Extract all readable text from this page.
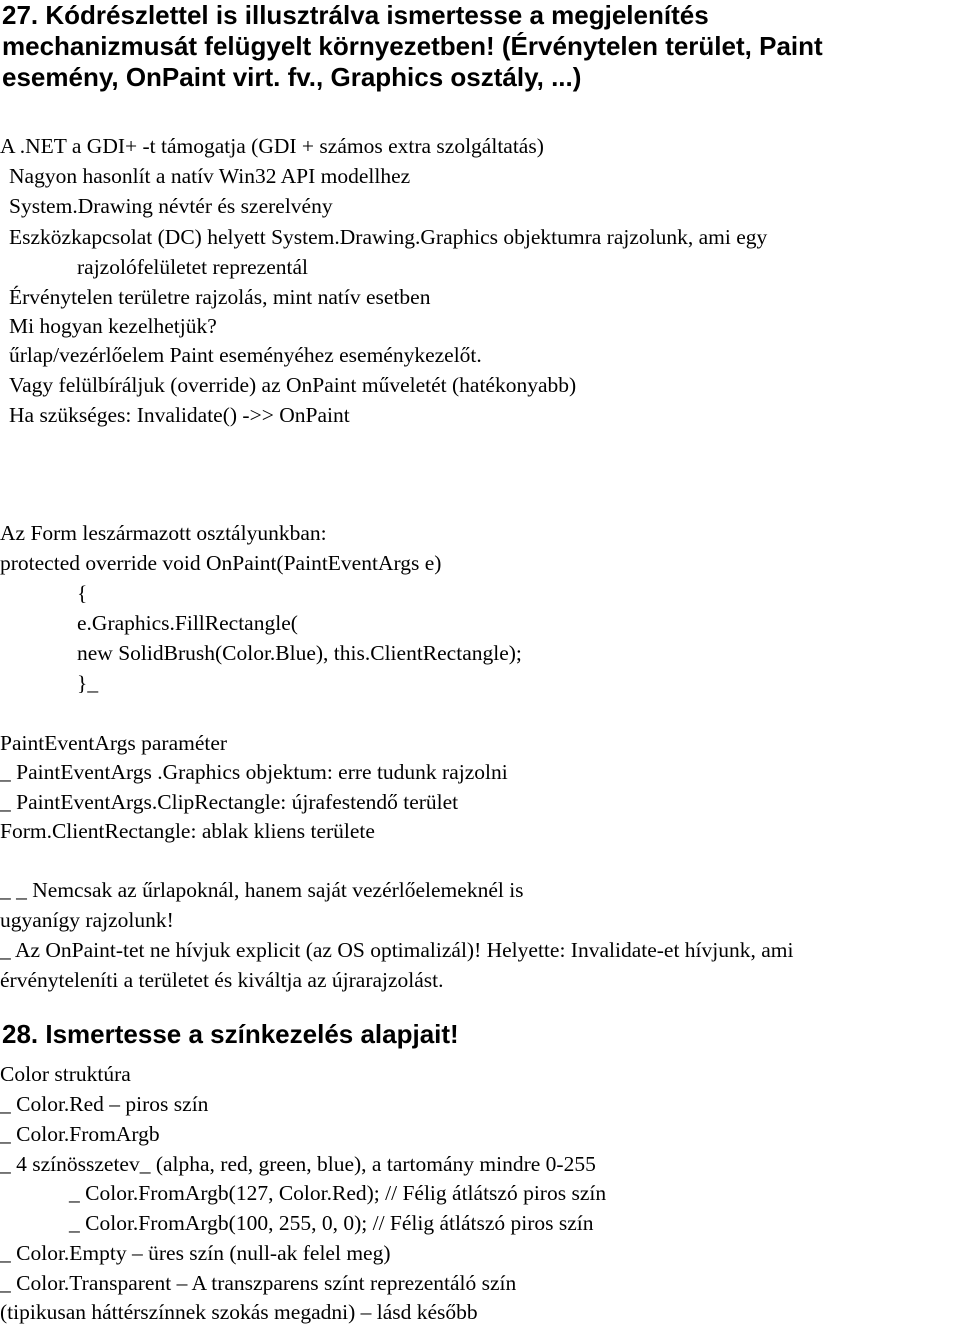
27. Kódrészlettel is illusztrálva ismertesse a megjelenítés
mechanizmusát felügyelt környezetben! (Érvénytelen terület, Paint
esemény, OnPaint virt. fv., Graphics osztály, ...)

A .NET a GDI+ -t támogatja (GDI + számos extra szolgáltatás)

Nagyon hasonlít a natív Win32 API modellhez

System.Drawing névtér és szerelvény

Eszközkapcsolat (DC) helyett System.Drawing.Graphics objektumra rajzolunk, ami egy

rajzolófelületet reprezentál

Érvénytelen területre rajzolás, mint natív esetben

Mi hogyan kezelhetjük?

űrlap/vezérlőelem Paint eseményéhez eseménykezelőt.

Vagy felülbíráljuk (override) az OnPaint műveletét (hatékonyabb)

Ha szükséges: Invalidate() ->> OnPaint

Az Form leszármazott osztályunkban:

protected override void OnPaint(PaintEventArgs e)

{

e.Graphics.FillRectangle(

new SolidBrush(Color.Blue), this.ClientRectangle);

}_

PaintEventArgs paraméter

_ PaintEventArgs .Graphics objektum: erre tudunk rajzolni

_ PaintEventArgs.ClipRectangle: újrafestendő terület

Form.ClientRectangle: ablak kliens területe

_ _ Nemcsak az űrlapoknál, hanem saját vezérlőelemeknél is

ugyanígy rajzolunk!

_ Az OnPaint-tet ne hívjuk explicit (az OS optimalizál)! Helyette: Invalidate-et hívjunk, ami

érvényteleníti a területet és kiváltja az újrarajzolást.

28. Ismertesse a színkezelés alapjait!

Color struktúra

_ Color.Red – piros szín

_ Color.FromArgb

_ 4 színösszetev_ (alpha, red, green, blue), a tartomány mindre 0-255

_ Color.FromArgb(127, Color.Red); // Félig átlátszó piros szín

_ Color.FromArgb(100, 255, 0, 0); // Félig átlátszó piros szín

_ Color.Empty – üres szín (null-ak felel meg)

_ Color.Transparent – A transzparens színt reprezentáló szín

(tipikusan háttérszínnek szokás megadni) – lásd később
